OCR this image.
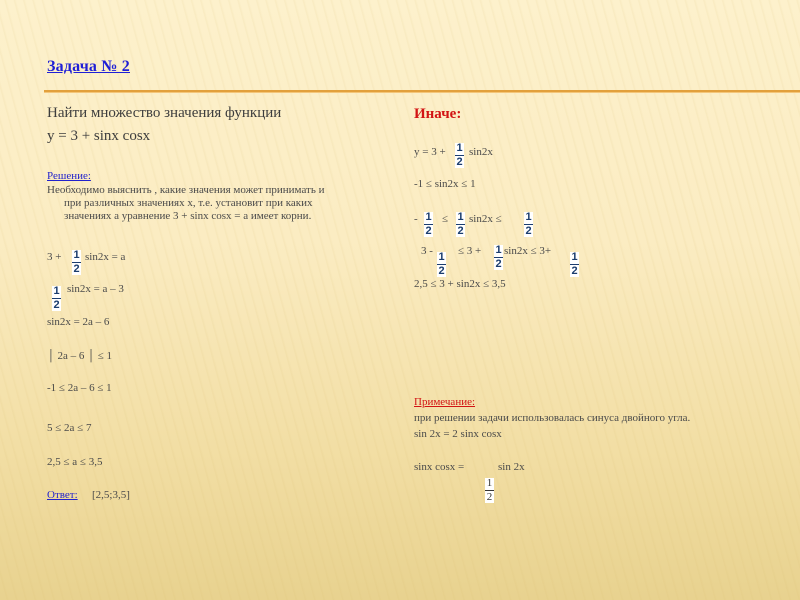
Задача № 2
Найти множество значения функции
y = 3 + sinx cosx
Решение:
Необходимо выяснить , какие значения может принимать и
при различных значениях x, т.е. установит при каких
значениях a уравнение 3 + sinx cosx = a имеет корни.
$3 + \frac{1}{2} \sin 2x = a$
$\frac{1}{2} \sin 2x = a - 3$
sin2x = 2a – 6
│ 2a – 6 │ ≤ 1
-1 ≤ 2a – 6 ≤ 1
5 ≤ 2a ≤ 7
2,5 ≤ a ≤ 3,5
Ответ: [2,5;3,5]
Иначе:
$y = 3 + \frac{1}{2} \sin 2x$
-1 ≤ sin2x ≤ 1
- $\frac{1}{2} \le \frac{1}{2} \sin 2x \le \frac{1}{2}$
3 -
$\frac{1}{2}$
≤ $3 + \frac{1}{2} \sin 2x \le 3+$
$\frac{1}{2}$
2,5 ≤ 3 + sin2x ≤ 3,5
Примечание:
при решении задачи использовалась синуса двойного угла.
sin 2x = 2 sinx cosx
sinx cosx =	sin 2x
$\frac{1}{2}$
